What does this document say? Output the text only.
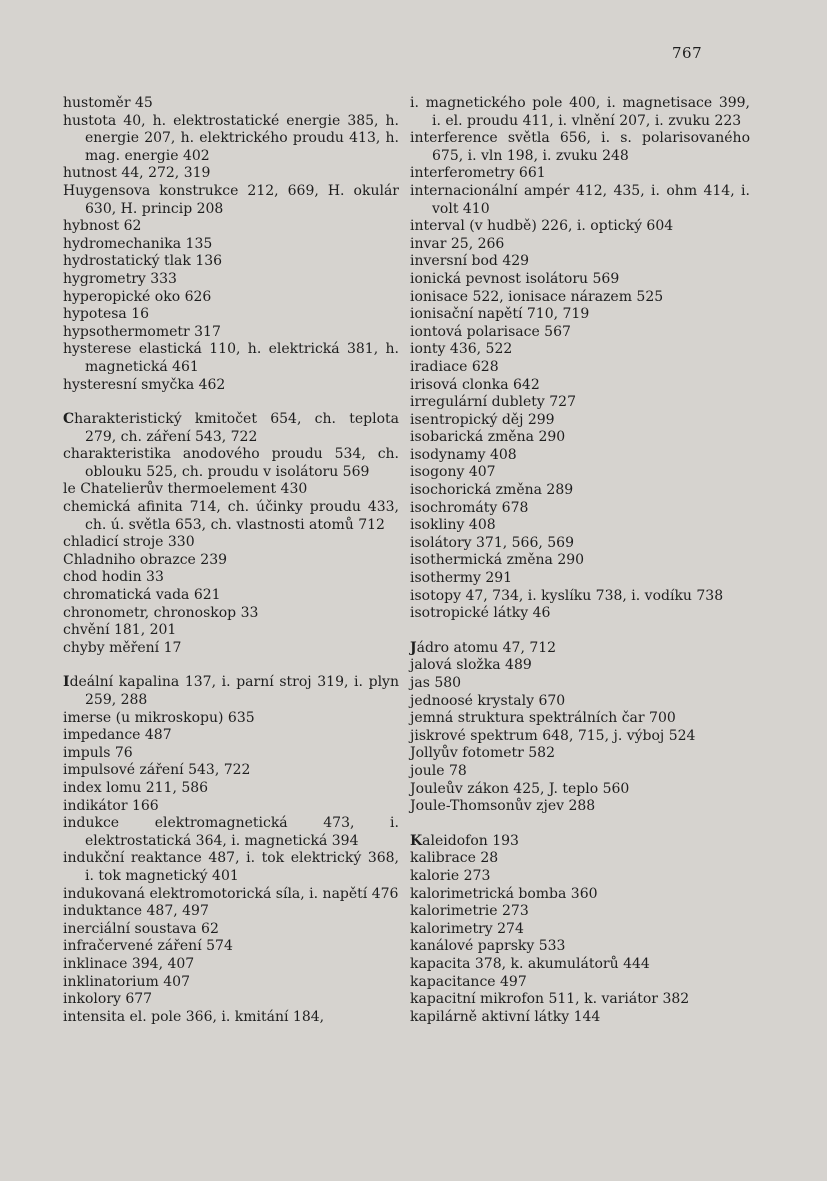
767
hustoměr 45
hustota 40, h. elektrostatické energie 385, h. energie 207, h. elektrického proudu 413, h. mag. energie 402
hutnost 44, 272, 319
Huygensova konstrukce 212, 669, H. okulár 630, H. princip 208
hybnost 62
hydromechanika 135
hydrostatický tlak 136
hygrometry 333
hyperopické oko 626
hypotesa 16
hypsothermometr 317
hysterese elastická 110, h. elektrická 381, h. magnetická 461
hysteresní smyčka 462
Charakteristický kmitočet 654, ch. teplota 279, ch. záření 543, 722
charakteristika anodového proudu 534, ch. oblouku 525, ch. proudu v isolátoru 569
le Chatelierův thermoelement 430
chemická afinita 714, ch. účinky proudu 433, ch. ú. světla 653, ch. vlastnosti atomů 712
chladicí stroje 330
Chladniho obrazce 239
chod hodin 33
chromatická vada 621
chronometr, chronoskop 33
chvění 181, 201
chyby měření 17
Ideální kapalina 137, i. parní stroj 319, i. plyn 259, 288
imerse (u mikroskopu) 635
impedance 487
impuls 76
impulsové záření 543, 722
index lomu 211, 586
indikátor 166
indukce elektromagnetická 473, i. elektrostatická 364, i. magnetická 394
indukční reaktance 487, i. tok elektrický 368, i. tok magnetický 401
indukovaná elektromotorická síla, i. napětí 476
induktance 487, 497
inerciální soustava 62
infračervené záření 574
inklinace 394, 407
inklinatorium 407
inkolory 677
intensita el. pole 366, i. kmitání 184,
i. magnetického pole 400, i. magnetisace 399, i. el. proudu 411, i. vlnění 207, i. zvuku 223
interference světla 656, i. s. polarisovaného 675, i. vln 198, i. zvuku 248
interferometry 661
internacionální ampér 412, 435, i. ohm 414, i. volt 410
interval (v hudbě) 226, i. optický 604
invar 25, 266
inversní bod 429
ionická pevnost isolátoru 569
ionisace 522, ionisace nárazem 525
ionisační napětí 710, 719
iontová polarisace 567
ionty 436, 522
iradiace 628
irisová clonka 642
irregulární dublety 727
isentropický děj 299
isobarická změna 290
isodynamy 408
isogony 407
isochorická změna 289
isochromáty 678
isokliny 408
isolátory 371, 566, 569
isothermická změna 290
isothermy 291
isotopy 47, 734, i. kyslíku 738, i. vodíku 738
isotropické látky 46
Jádro atomu 47, 712
jalová složka 489
jas 580
jednoosé krystaly 670
jemná struktura spektrálních čar 700
jiskrové spektrum 648, 715, j. výboj 524
Jollyův fotometr 582
joule 78
Jouleův zákon 425, J. teplo 560
Joule-Thomsonův zjev 288
Kaleidofon 193
kalibrace 28
kalorie 273
kalorimetrická bomba 360
kalorimetrie 273
kalorimetry 274
kanálové paprsky 533
kapacita 378, k. akumulátorů 444
kapacitance 497
kapacitní mikrofon 511, k. variátor 382
kapilárně aktivní látky 144
